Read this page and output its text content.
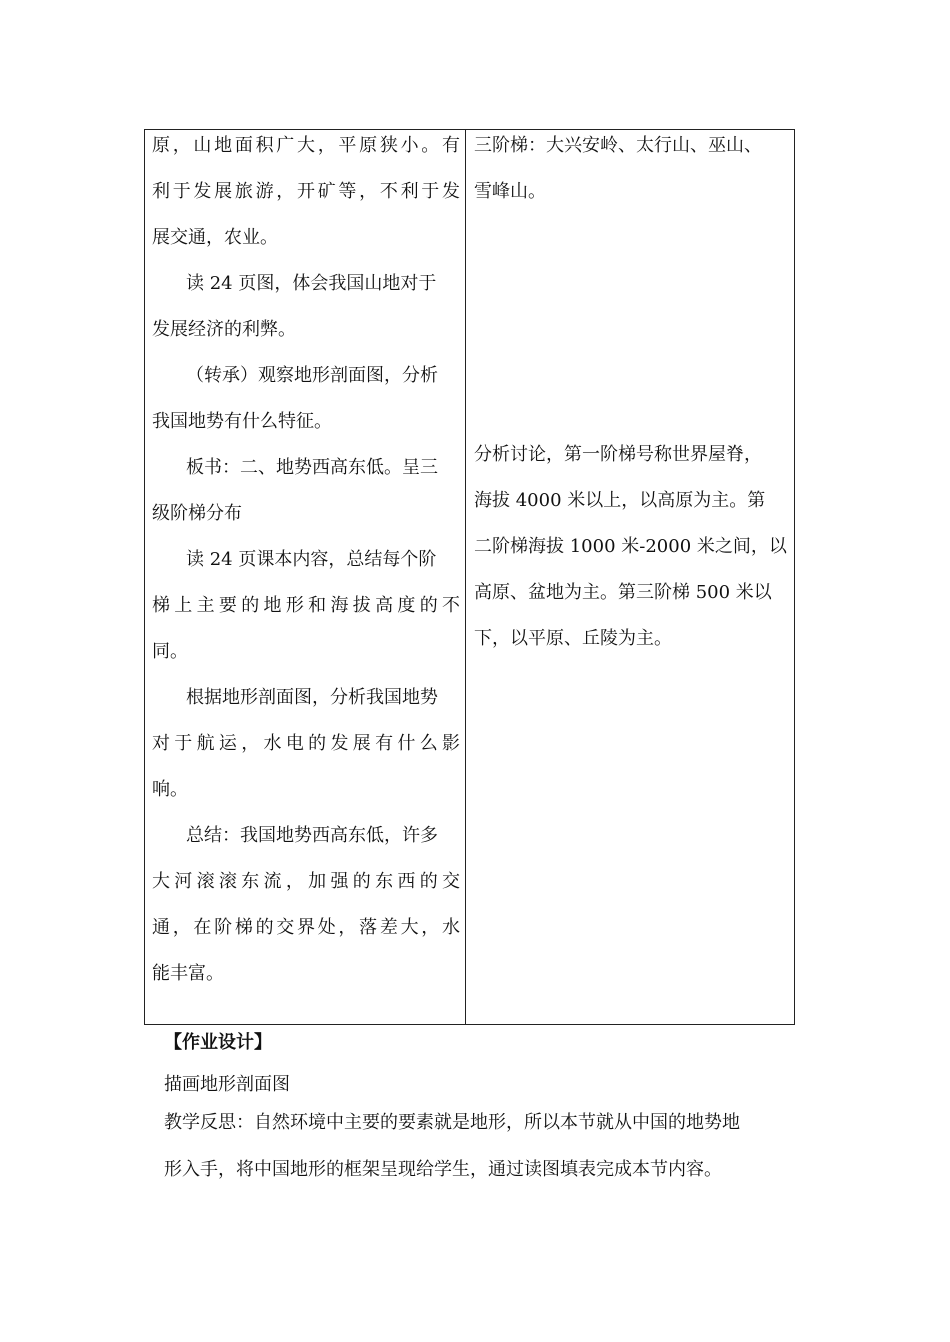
原，山地面积广大，平原狭小。有
利于发展旅游，开矿等，不利于发
展交通，农业。
读 24 页图，体会我国山地对于
发展经济的利弊。
（转承）观察地形剖面图，分析
我国地势有什么特征。
板书：二、地势西高东低。呈三
级阶梯分布
读 24 页课本内容，总结每个阶
梯上主要的地形和海拔高度的不
同。
根据地形剖面图，分析我国地势
对于航运，水电的发展有什么影
响。
总结：我国地势西高东低，许多
大河滚滚东流，加强的东西的交
通，在阶梯的交界处，落差大，水
能丰富。
三阶梯：大兴安岭、太行山、巫山、
雪峰山。
分析讨论，第一阶梯号称世界屋脊，
海拔 4000 米以上，以高原为主。第
二阶梯海拔 1000 米-2000 米之间，以
高原、盆地为主。第三阶梯 500 米以
下，以平原、丘陵为主。
【作业设计】
描画地形剖面图
教学反思：自然环境中主要的要素就是地形，所以本节就从中国的地势地
形入手，将中国地形的框架呈现给学生，通过读图填表完成本节内容。
